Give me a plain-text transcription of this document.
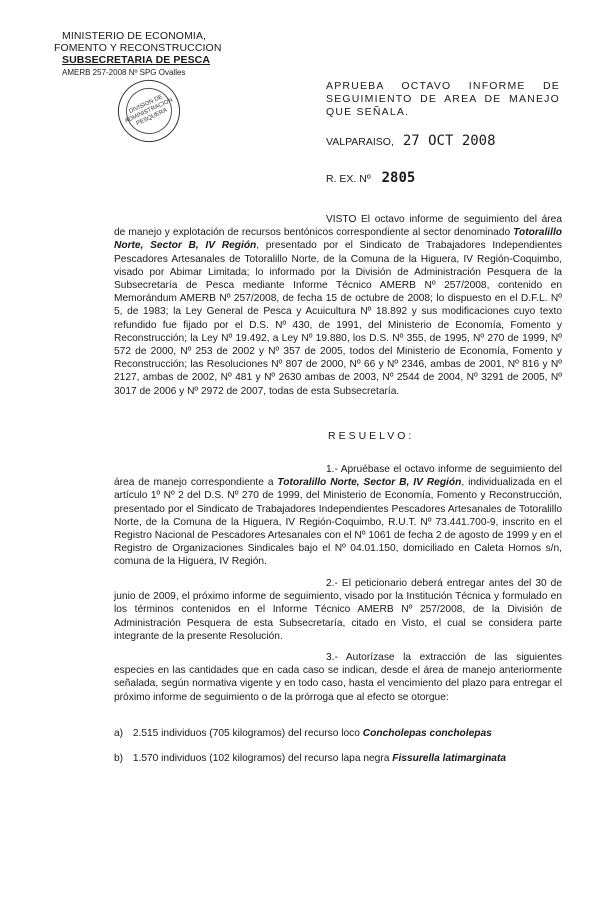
MINISTERIO DE ECONOMIA,
FOMENTO Y RECONSTRUCCION
SUBSECRETARIA DE PESCA
AMERB 257-2008 Nº SPG Ovalles
DIVISION DE ADMINISTRACION PESQUERA
APRUEBA OCTAVO INFORME DE SEGUIMIENTO DE AREA DE MANEJO QUE SEÑALA.
VALPARAISO, 27 OCT 2008
R. EX. Nº 2805
VISTO El octavo informe de seguimiento del área de manejo y explotación de recursos bentónicos correspondiente al sector denominado Totoralillo Norte, Sector B, IV Región, presentado por el Sindicato de Trabajadores Independientes Pescadores Artesanales de Totoralillo Norte, de la Comuna de la Higuera, IV Región-Coquimbo, visado por Abimar Limitada; lo informado por la División de Administración Pesquera de la Subsecretaría de Pesca mediante Informe Técnico AMERB Nº 257/2008, contenido en Memorándum AMERB Nº 257/2008, de fecha 15 de octubre de 2008; lo dispuesto en el D.F.L. Nº 5, de 1983; la Ley General de Pesca y Acuicultura Nº 18.892 y sus modificaciones cuyo texto refundido fue fijado por el D.S. Nº 430, de 1991, del Ministerio de Economía, Fomento y Reconstrucción; la Ley Nº 19.492, a Ley Nº 19.880, los D.S. Nº 355, de 1995, Nº 270 de 1999, Nº 572 de 2000, Nº 253 de 2002 y Nº 357 de 2005, todos del Ministerio de Economía, Fomento y Reconstrucción; las Resoluciones Nº 807 de 2000, Nº 66 y Nº 2346, ambas de 2001, Nº 816 y Nº 2127, ambas de 2002, Nº 481 y Nº 2630 ambas de 2003, Nº 2544 de 2004, Nº 3291 de 2005, Nº 3017 de 2006 y Nº 2972 de 2007, todas de esta Subsecretaría.
RESUELVO:
1.- Apruébase el octavo informe de seguimiento del área de manejo correspondiente a Totoralillo Norte, Sector B, IV Región, individualizada en el artículo 1º Nº 2 del D.S. Nº 270 de 1999, del Ministerio de Economía, Fomento y Reconstrucción, presentado por el Sindicato de Trabajadores Independientes Pescadores Artesanales de Totoralillo Norte, de la Comuna de la Higuera, IV Región-Coquimbo, R.U.T. Nº 73.441.700-9, inscrito en el Registro Nacional de Pescadores Artesanales con el Nº 1061 de fecha 2 de agosto de 1999 y en el Registro de Organizaciones Sindicales bajo el Nº 04.01.150, domiciliado en Caleta Hornos s/n, comuna de la Higuera, IV Región.
2.- El peticionario deberá entregar antes del 30 de junio de 2009, el próximo informe de seguimiento, visado por la Institución Técnica y formulado en los términos contenidos en el Informe Técnico AMERB Nº 257/2008, de la División de Administración Pesquera de esta Subsecretaría, citado en Visto, el cual se considera parte integrante de la presente Resolución.
3.- Autorízase la extracción de las siguientes especies en las cantidades que en cada caso se indican, desde el área de manejo anteriormente señalada, según normativa vigente y en todo caso, hasta el vencimiento del plazo para entregar el próximo informe de seguimiento o de la prórroga que al efecto se otorgue:
a) 2.515 individuos (705 kilogramos) del recurso loco Concholepas concholepas
b) 1.570 individuos (102 kilogramos) del recurso lapa negra Fissurella latimarginata
